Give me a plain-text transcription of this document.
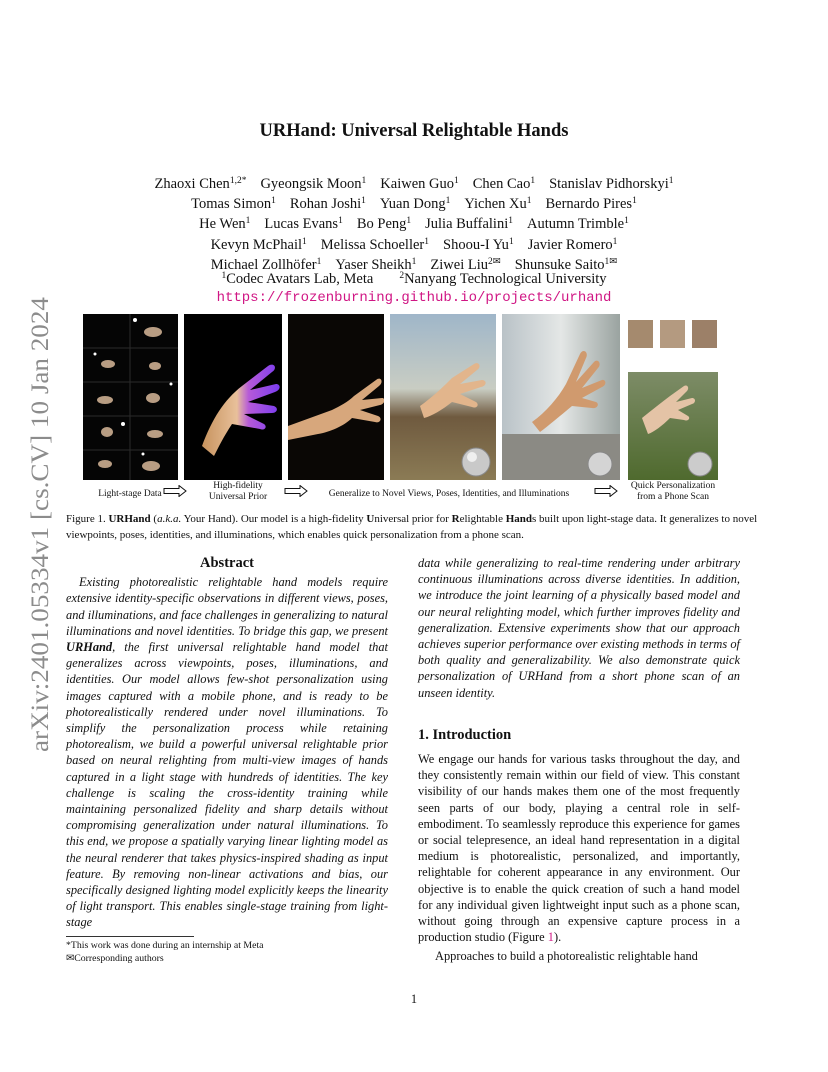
arXiv:2401.05334v1 [cs.CV] 10 Jan 2024
URHand: Universal Relightable Hands
Zhaoxi Chen$^{1,2*}$ Gyeongsik Moon$^1$ Kaiwen Guo$^1$ Chen Cao$^1$ Stanislav Pidhorskyi$^1$
Tomas Simon$^1$ Rohan Joshi$^1$ Yuan Dong$^1$ Yichen Xu$^1$ Bernardo Pires$^1$
He Wen$^1$ Lucas Evans$^1$ Bo Peng$^1$ Julia Buffalini$^1$ Autumn Trimble$^1$
Kevyn McPhail$^1$ Melissa Schoeller$^1$ Shoou-I Yu$^1$ Javier Romero$^1$
Michael Zollhöfer$^1$ Yaser Sheikh$^1$ Ziwei Liu$^{2✉}$ Shunsuke Saito$^{1✉}$
$^1$Codec Avatars Lab, Meta	$^2$Nanyang Technological University
https://frozenburning.github.io/projects/urhand
Light-stage Data
High-fidelity
Universal Prior	Generalize to Novel Views, Poses, Identities, and Illuminations
Quick Personalization
from a Phone Scan
Figure 1. URHand (a.k.a. Your Hand). Our model is a high-fidelity Universal prior for Relightable Hands built upon light-stage data. It generalizes to novel viewpoints, poses, identities, and illuminations, which enables quick personalization from a phone scan.
Abstract

Existing photorealistic relightable hand models require extensive identity-specific observations in different views, poses, and illuminations, and face challenges in generalizing to natural illuminations and novel identities. To bridge this gap, we present URHand, the first universal relightable hand model that generalizes across viewpoints, poses, illuminations, and identities. Our model allows few-shot personalization using images captured with a mobile phone, and is ready to be photorealistically rendered under novel illuminations. To simplify the personalization process while retaining photorealism, we build a powerful universal relightable prior based on neural relighting from multi-view images of hands captured in a light stage with hundreds of identities. The key challenge is scaling the cross-identity training while maintaining personalized fidelity and sharp details without compromising generalization under natural illuminations. To this end, we propose a spatially varying linear lighting model as the neural renderer that takes physics-inspired shading as input feature. By removing non-linear activations and bias, our specifically designed lighting model explicitly keeps the linearity of light transport. This enables single-stage training from light-stage

*This work was done during an internship at Meta
✉Corresponding authors

data while generalizing to real-time rendering under arbitrary continuous illuminations across diverse identities. In addition, we introduce the joint learning of a physically based model and our neural relighting model, which further improves fidelity and generalization. Extensive experiments show that our approach achieves superior performance over existing methods in terms of both quality and generalizability. We also demonstrate quick personalization of URHand from a short phone scan of an unseen identity.

1. Introduction

We engage our hands for various tasks throughout the day, and they consistently remain within our field of view. This constant visibility of our hands makes them one of the most frequently seen parts of our body, playing a central role in self-embodiment. To seamlessly reproduce this experience for games or social telepresence, an ideal hand representation in a digital medium is photorealistic, personalized, and importantly, relightable for coherent appearance in any environment. Our objective is to enable the quick creation of such a hand model for any individual given lightweight input such as a phone scan, without going through an expensive capture process in a production studio (Figure 1).

Approaches to build a photorealistic relightable hand

1
